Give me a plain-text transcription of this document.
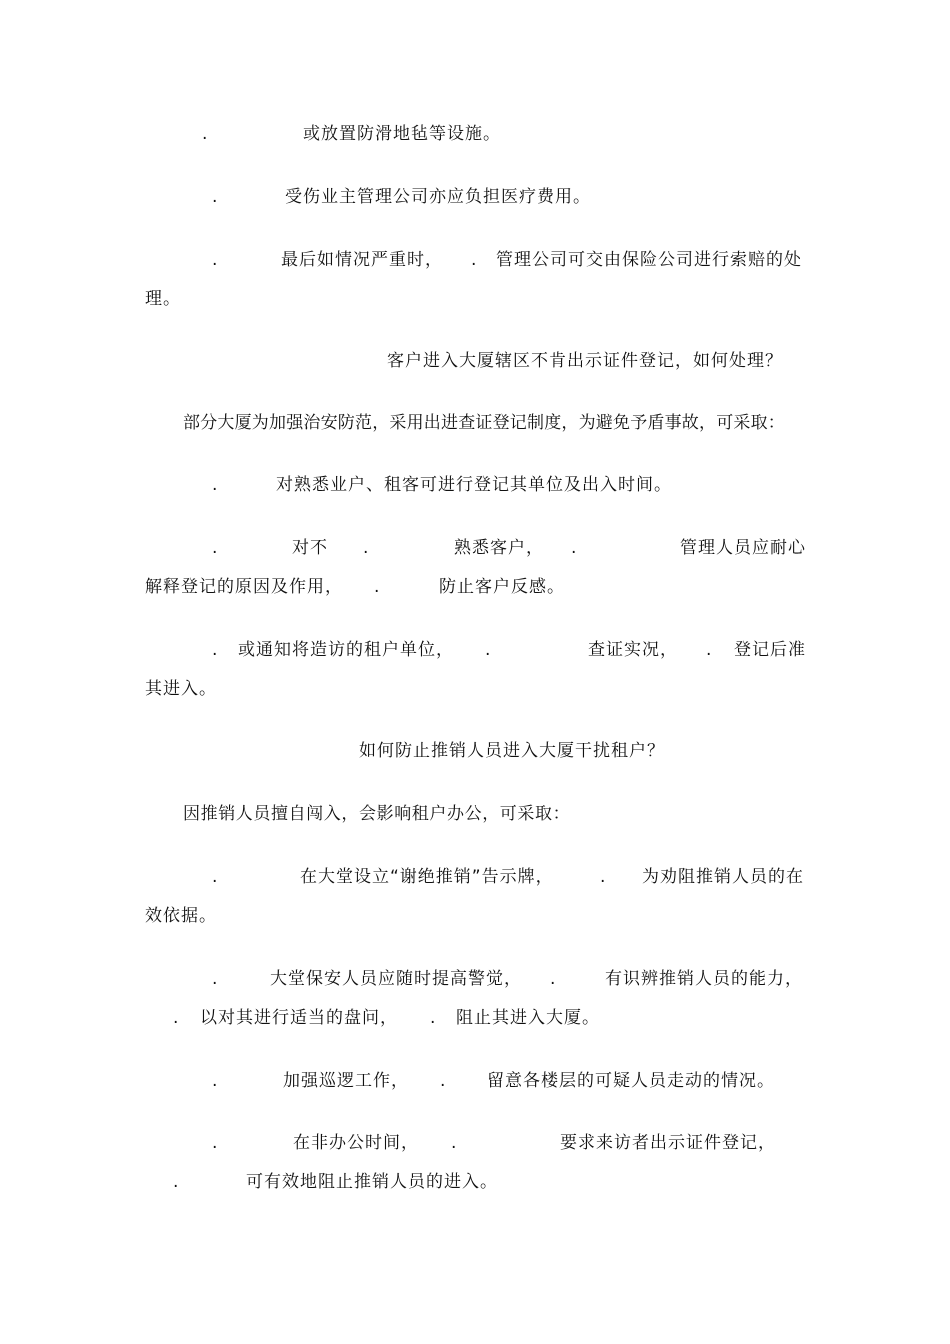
.	或放置防滑地毡等设施。
.	受伤业主管理公司亦应负担医疗费用。
.	最后如情况严重时， . 管理公司可交由保险公司进行索赔的处
理。
客户进入大厦辖区不肯出示证件登记，如何处理？
部分大厦为加强治安防范，采用出进查证登记制度，为避免予盾事故，可采取：
.	对熟悉业户、租客可进行登记其单位及出入时间。
.	对不 .	熟悉客户， .	管理人员应耐心
解释登记的原因及作用， .	防止客户反感。
. 或通知将造访的租户单位， .	查证实况， . 登记后准
其进入。
如何防止推销人员进入大厦干扰租户？
因推销人员擅自闯入，会影响租户办公，可采取：
.	在大堂设立“谢绝推销”告示牌，	. 为劝阻推销人员的在
效依据。
.	大堂保安人员应随时提高警觉， .	有识辨推销人员的能力，
. 以对其进行适当的盘问， . 阻止其进入大厦。
.	加强巡逻工作， . 留意各楼层的可疑人员走动的情况。
.	在非办公时间， .	要求来访者出示证件登记，
.	可有效地阻止推销人员的进入。
